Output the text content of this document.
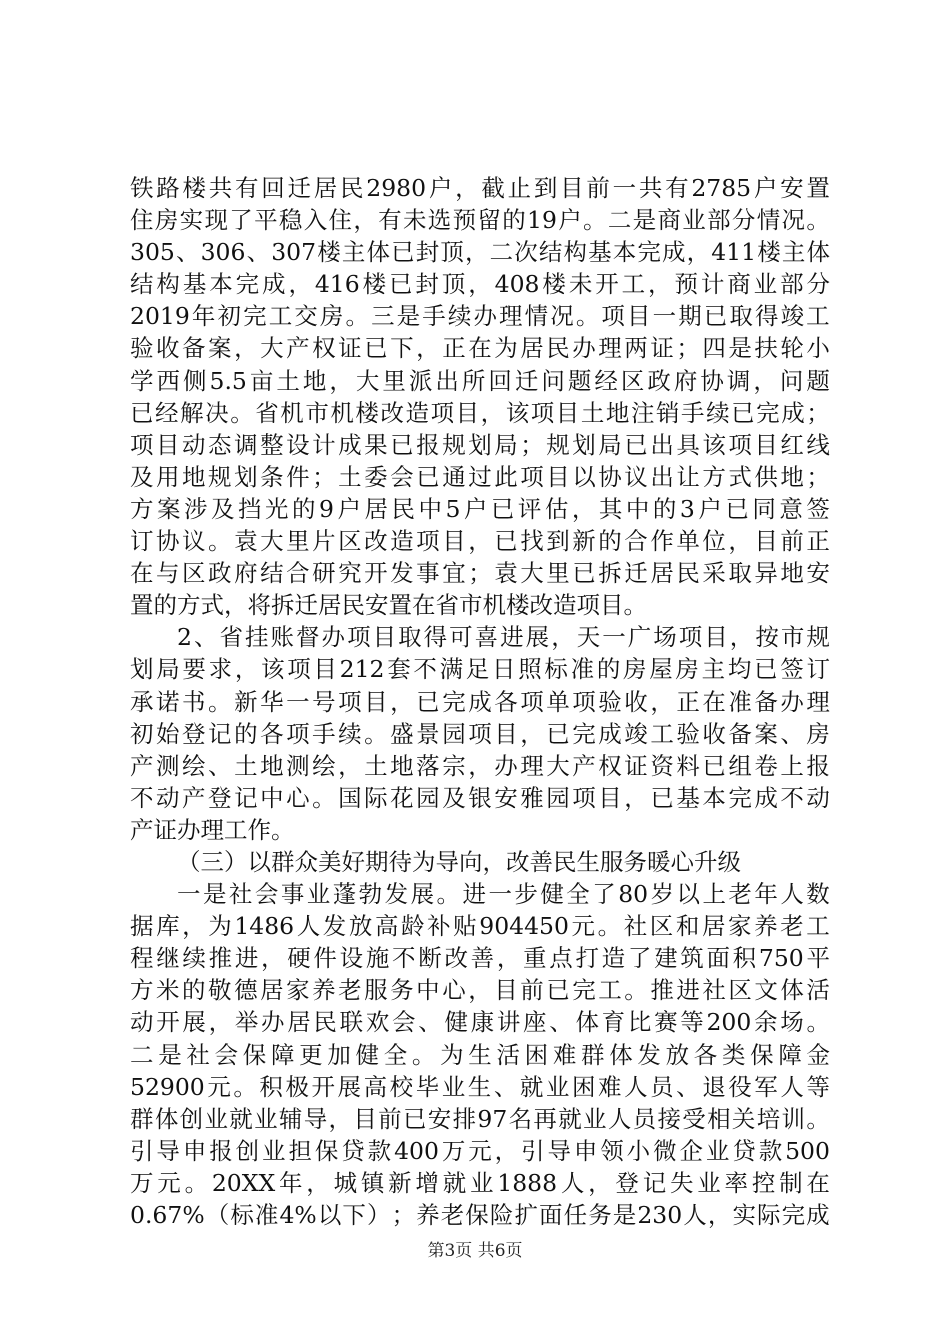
铁 路 楼 共 有 回 迁 居 民 2980 户 ， 截 止 到 目 前 一 共 有 2785 户 安 置
住 房 实 现 了 平 稳 入 住 ， 有 未 选 预 留 的 19 户 。 二 是 商 业 部 分 情 况 。
305 、 306 、 307 楼 主 体 已 封 顶 ， 二 次 结 构 基 本 完 成 ， 411 楼 主 体
结 构 基 本 完 成 ， 416 楼 已 封 顶 ， 408 楼 未 开 工 ， 预 计 商 业 部 分
2019 年 初 完 工 交 房 。 三 是 手 续 办 理 情 况 。 项 目 一 期 已 取 得 竣 工
验 收 备 案 ， 大 产 权 证 已 下 ， 正 在 为 居 民 办 理 两 证 ； 四 是 扶 轮 小
学 西 侧 5.5 亩 土 地 ， 大 里 派 出 所 回 迁 问 题 经 区 政 府 协 调 ， 问 题
已 经 解 决 。 省 机 市 机 楼 改 造 项 目 ， 该 项 目 土 地 注 销 手 续 已 完 成 ；
项 目 动 态 调 整 设 计 成 果 已 报 规 划 局 ； 规 划 局 已 出 具 该 项 目 红 线
及 用 地 规 划 条 件 ； 土 委 会 已 通 过 此 项 目 以 协 议 出 让 方 式 供 地 ；
方 案 涉 及 挡 光 的 9 户 居 民 中 5 户 已 评 估 ， 其 中 的 3 户 已 同 意 签
订 协 议 。 袁 大 里 片 区 改 造 项 目 ， 已 找 到 新 的 合 作 单 位 ， 目 前 正
在 与 区 政 府 结 合 研 究 开 发 事 宜 ； 袁 大 里 已 拆 迁 居 民 采 取 异 地 安
置的方式，将拆迁居民安置在省市机楼改造项目。
2 、 省 挂 账 督 办 项 目 取 得 可 喜 进 展 ， 天 一 广 场 项 目 ， 按 市 规
划 局 要 求 ， 该 项 目 212 套 不 满 足 日 照 标 准 的 房 屋 房 主 均 已 签 订
承 诺 书 。 新 华 一 号 项 目 ， 已 完 成 各 项 单 项 验 收 ， 正 在 准 备 办 理
初 始 登 记 的 各 项 手 续 。 盛 景 园 项 目 ， 已 完 成 竣 工 验 收 备 案 、 房
产 测 绘 、 土 地 测 绘 ， 土 地 落 宗 ， 办 理 大 产 权 证 资 料 已 组 卷 上 报
不 动 产 登 记 中 心 。 国 际 花 园 及 银 安 雅 园 项 目 ， 已 基 本 完 成 不 动
产证办理工作。
（三）以群众美好期待为导向，改善民生服务暖心升级
一 是 社 会 事 业 蓬 勃 发 展 。 进 一 步 健 全 了 80 岁 以 上 老 年 人 数
据 库 ， 为 1486 人 发 放 高 龄 补 贴 904450 元 。 社 区 和 居 家 养 老 工
程 继 续 推 进 ， 硬 件 设 施 不 断 改 善 ， 重 点 打 造 了 建 筑 面 积 750 平
方 米 的 敬 德 居 家 养 老 服 务 中 心 ， 目 前 已 完 工 。 推 进 社 区 文 体 活
动 开 展 ， 举 办 居 民 联 欢 会 、 健 康 讲 座 、 体 育 比 赛 等 200 余 场 。
二 是 社 会 保 障 更 加 健 全 。 为 生 活 困 难 群 体 发 放 各 类 保 障 金
52900 元 。 积 极 开 展 高 校 毕 业 生 、 就 业 困 难 人 员 、 退 役 军 人 等
群 体 创 业 就 业 辅 导 ， 目 前 已 安 排 97 名 再 就 业 人 员 接 受 相 关 培 训 。
引 导 申 报 创 业 担 保 贷 款 400 万 元 ， 引 导 申 领 小 微 企 业 贷 款 500
万 元 。 20XX 年 ， 城 镇 新 增 就 业 1888 人 ， 登 记 失 业 率 控 制 在
0.67% （ 标 准 4% 以 下 ） ； 养 老 保 险 扩 面 任 务 是 230 人 ， 实 际 完 成
第3页 共6页
